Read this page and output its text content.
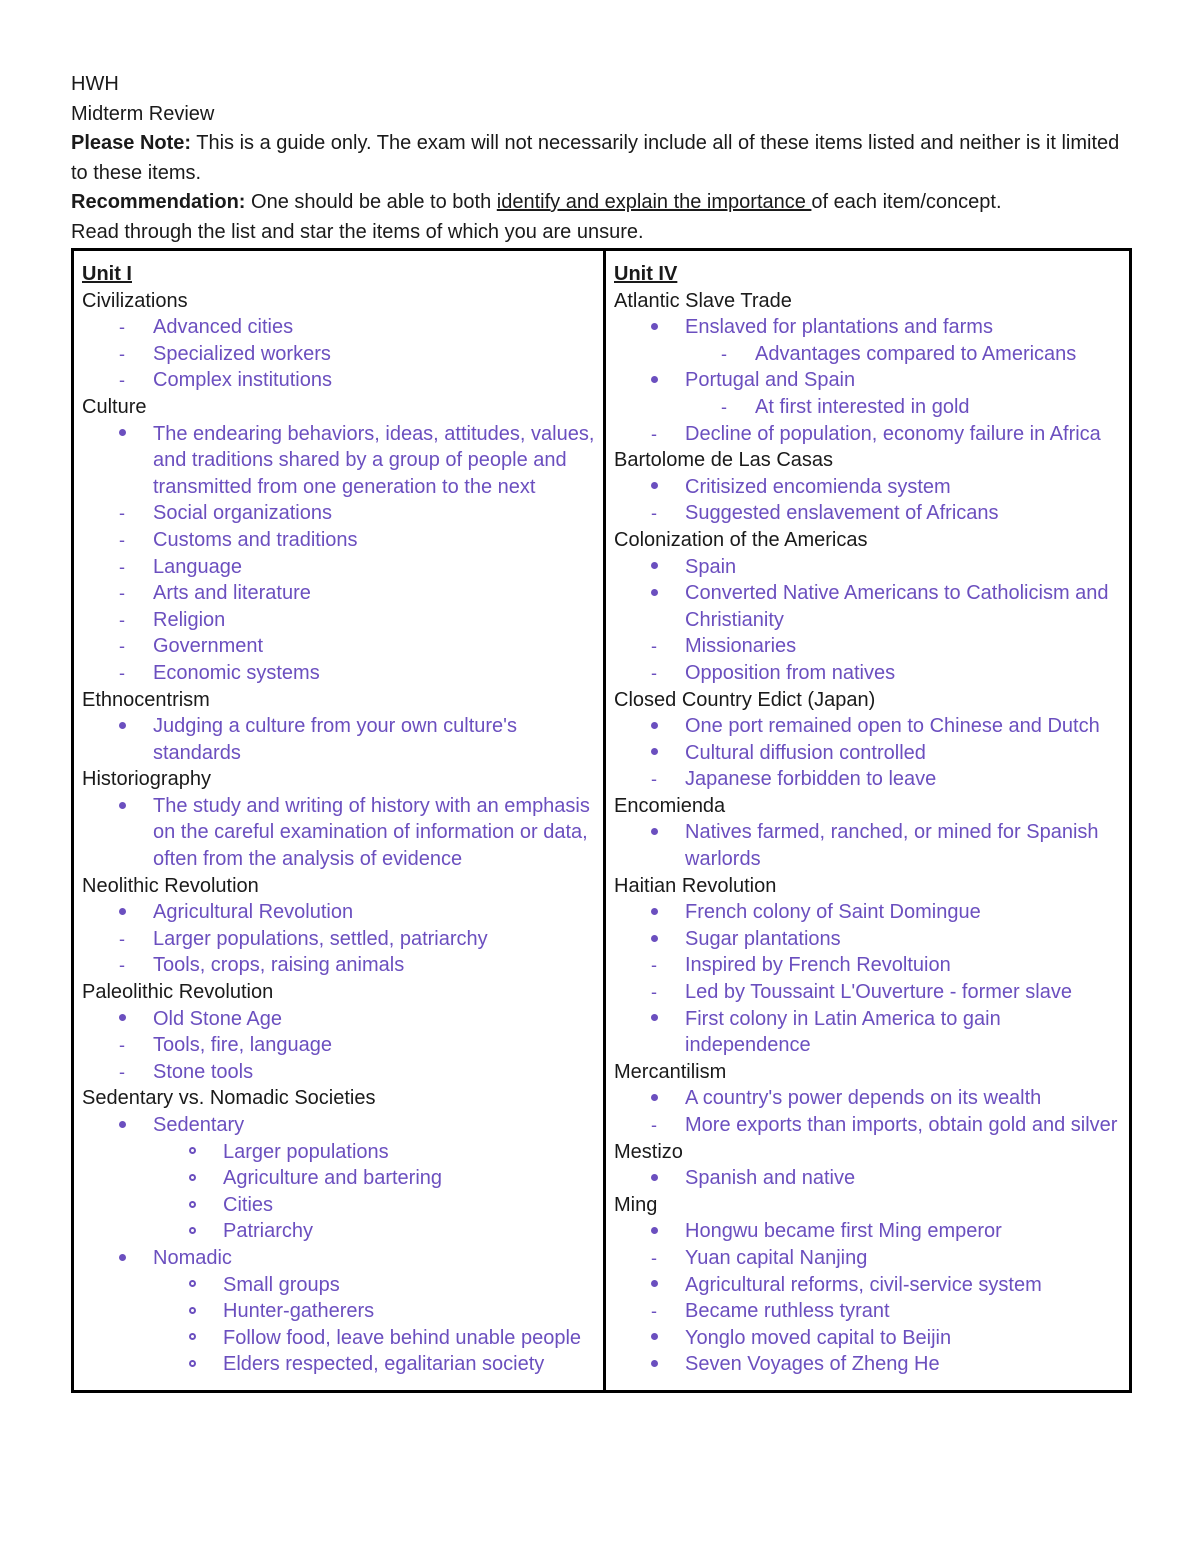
HWH
Midterm Review
Please Note: This is a guide only. The exam will not necessarily include all of these items listed and neither is it limited to these items.
Recommendation: One should be able to both identify and explain the importance of each item/concept.
Read through the list and star the items of which you are unsure.
Unit I
Civilizations
-	Advanced cities
-	Specialized workers
-	Complex institutions
Culture
The endearing behaviors, ideas, attitudes, values, and traditions shared by a group of people and transmitted from one generation to the next
-	Social organizations
-	Customs and traditions
-	Language
-	Arts and literature
-	Religion
-	Government
-	Economic systems
Ethnocentrism
Judging a culture from your own culture's standards
Historiography
The study and writing of history with an emphasis on the careful examination of information or data, often from the analysis of evidence
Neolithic Revolution
Agricultural Revolution
-	Larger populations, settled, patriarchy
-	Tools, crops, raising animals
Paleolithic Revolution
Old Stone Age
-	Tools, fire, language
-	Stone tools
Sedentary vs. Nomadic Societies
Sedentary
Larger populations
Agriculture and bartering
Cities
Patriarchy
Nomadic
Small groups
Hunter-gatherers
Follow food, leave behind unable people
Elders respected, egalitarian society

Unit IV
Atlantic Slave Trade
Enslaved for plantations and farms
-	Advantages compared to Americans
Portugal and Spain
-	At first interested in gold
-	Decline of population, economy failure in Africa
Bartolome de Las Casas
Critisized encomienda system
-	Suggested enslavement of Africans
Colonization of the Americas
Spain
Converted Native Americans to Catholicism and Christianity
-	Missionaries
-	Opposition from natives
Closed Country Edict (Japan)
One port remained open to Chinese and Dutch
Cultural diffusion controlled
-	Japanese forbidden to leave
Encomienda
Natives farmed, ranched, or mined for Spanish warlords
Haitian Revolution
French colony of Saint Domingue
Sugar plantations
-	Inspired by French Revoltuion
-	Led by Toussaint L'Ouverture - former slave
First colony in Latin America to gain independence
Mercantilism
A country's power depends on its wealth
-	More exports than imports, obtain gold and silver
Mestizo
Spanish and native
Ming
Hongwu became first Ming emperor
-	Yuan capital Nanjing
Agricultural reforms, civil-service system
-	Became ruthless tyrant
Yonglo moved capital to Beijin
Seven Voyages of Zheng He
